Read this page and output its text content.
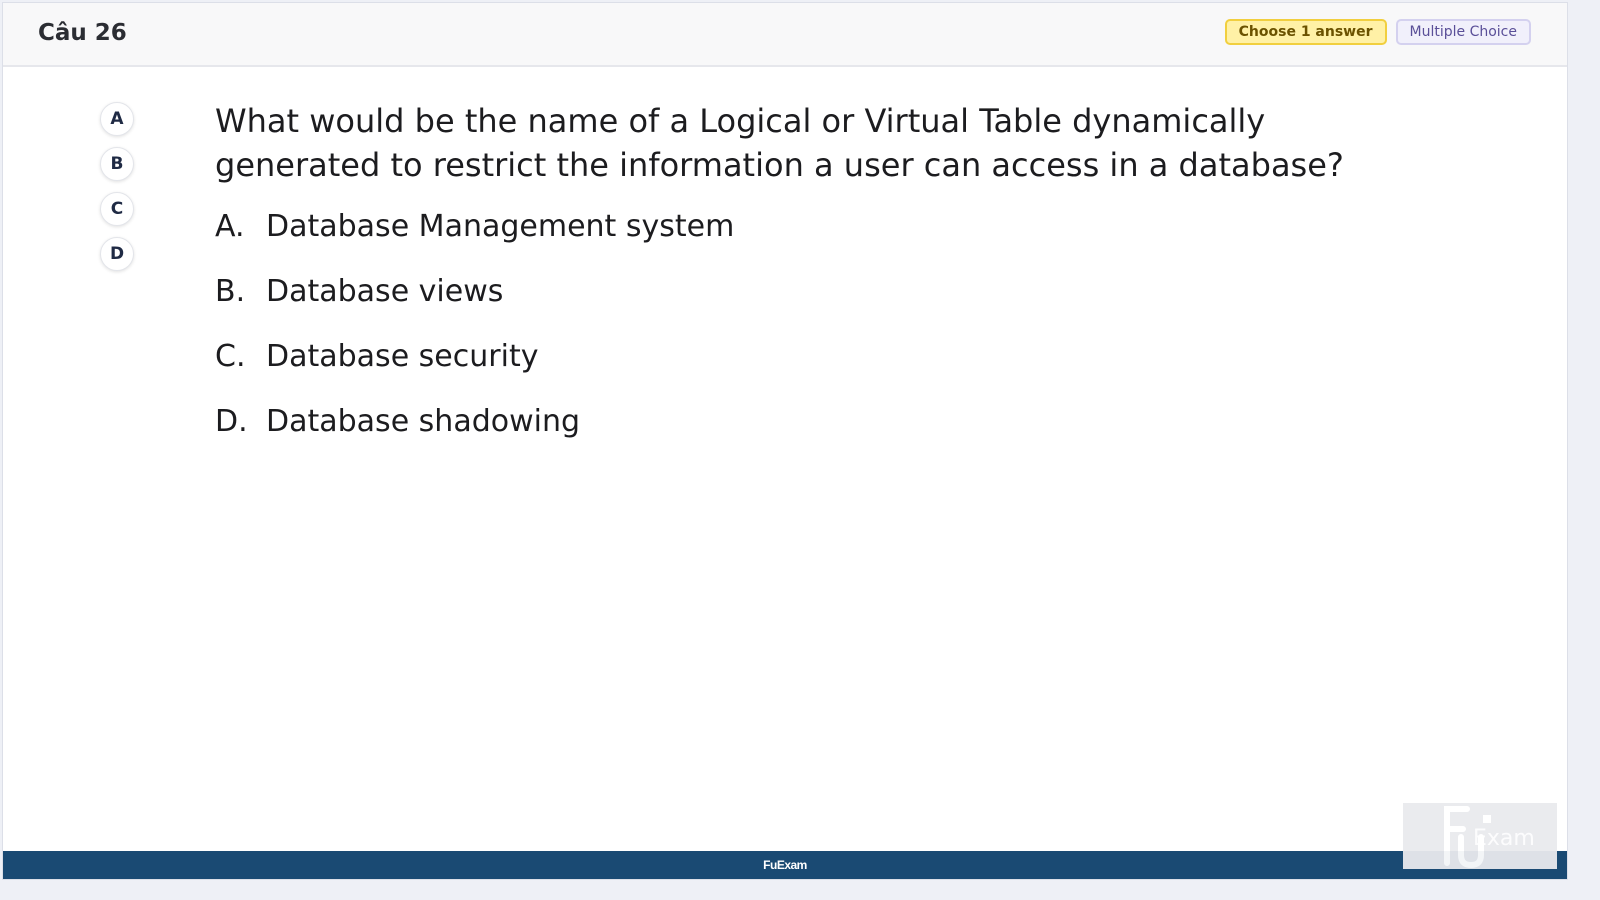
Câu 26	Choose 1 answer	Multiple Choice
A
B
C
D
What would be the name of a Logical or Virtual Table dynamically generated to restrict the information a user can access in a database?
A. Database Management system
B. Database views
C. Database security
D. Database shadowing
FuExam
Exam
